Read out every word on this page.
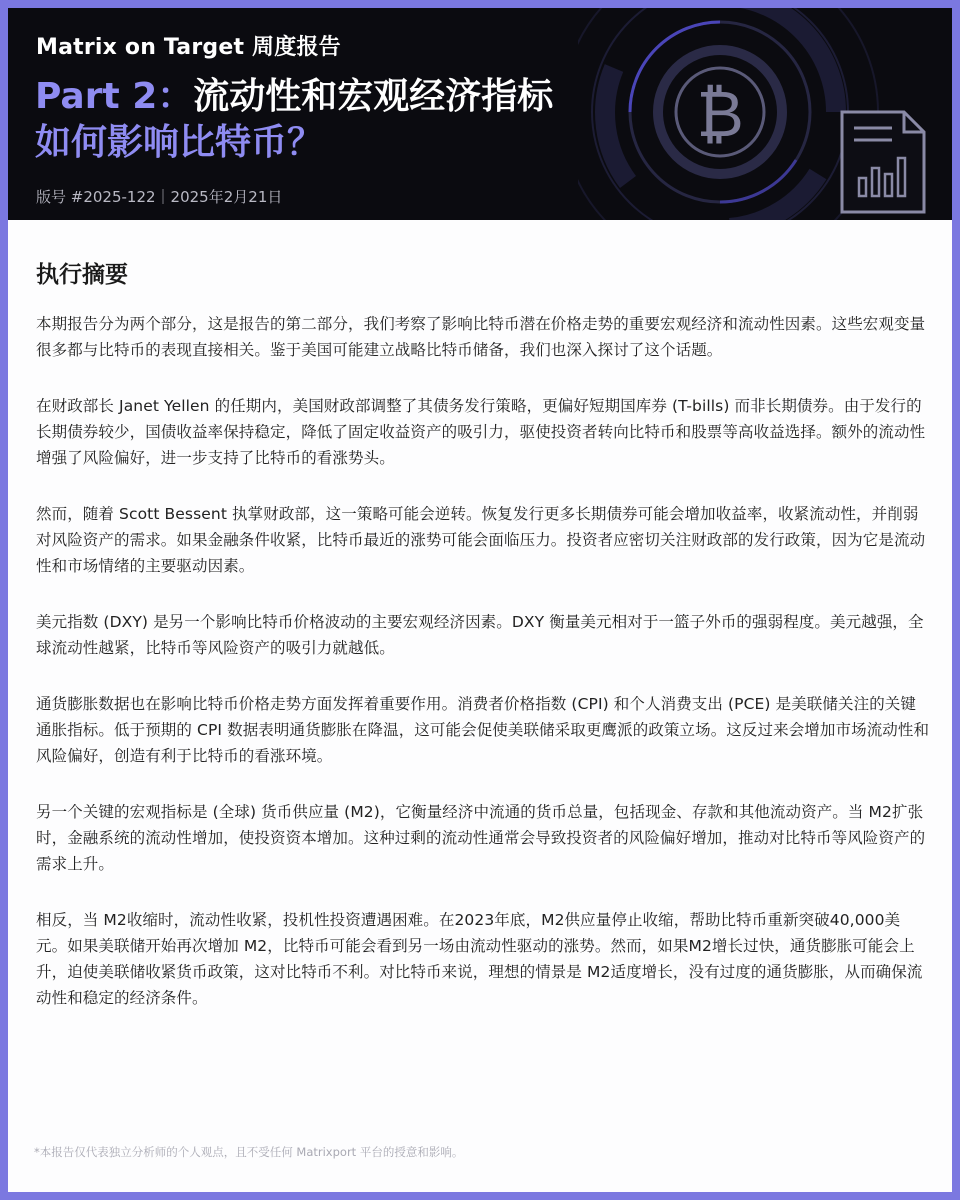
Matrix on Target 周度报告
Part 2：流动性和宏观经济指标
如何影响比特币？
版号 #2025-122｜2025年2月21日
₿
执行摘要

本期报告分为两个部分，这是报告的第二部分，我们考察了影响比特币潜在价格走势的重要宏观经济和流动性因素。这些宏观变量很多都与比特币的表现直接相关。鉴于美国可能建立战略比特币储备，我们也深入探讨了这个话题。

在财政部长 Janet Yellen 的任期内，美国财政部调整了其债务发行策略，更偏好短期国库券 (T-bills) 而非长期债券。由于发行的长期债券较少，国债收益率保持稳定，降低了固定收益资产的吸引力，驱使投资者转向比特币和股票等高收益选择。额外的流动性增强了风险偏好，进一步支持了比特币的看涨势头。

然而，随着 Scott Bessent 执掌财政部，这一策略可能会逆转。恢复发行更多长期债券可能会增加收益率，收紧流动性，并削弱对风险资产的需求。如果金融条件收紧，比特币最近的涨势可能会面临压力。投资者应密切关注财政部的发行政策，因为它是流动性和市场情绪的主要驱动因素。

美元指数 (DXY) 是另一个影响比特币价格波动的主要宏观经济因素。DXY 衡量美元相对于一篮子外币的强弱程度。美元越强，全球流动性越紧，比特币等风险资产的吸引力就越低。

通货膨胀数据也在影响比特币价格走势方面发挥着重要作用。消费者价格指数 (CPI) 和个人消费支出 (PCE) 是美联储关注的关键通胀指标。低于预期的 CPI 数据表明通货膨胀在降温，这可能会促使美联储采取更鹰派的政策立场。这反过来会增加市场流动性和风险偏好，创造有利于比特币的看涨环境。

另一个关键的宏观指标是 (全球) 货币供应量 (M2)，它衡量经济中流通的货币总量，包括现金、存款和其他流动资产。当 M2扩张时，金融系统的流动性增加，使投资资本增加。这种过剩的流动性通常会导致投资者的风险偏好增加，推动对比特币等风险资产的需求上升。

相反，当 M2收缩时，流动性收紧，投机性投资遭遇困难。在2023年底，M2供应量停止收缩，帮助比特币重新突破40,000美元。如果美联储开始再次增加 M2，比特币可能会看到另一场由流动性驱动的涨势。然而，如果M2增长过快，通货膨胀可能会上升，迫使美联储收紧货币政策，这对比特币不利。对比特币来说，理想的情景是 M2适度增长，没有过度的通货膨胀，从而确保流动性和稳定的经济条件。

*本报告仅代表独立分析师的个人观点，且不受任何 Matrixport 平台的授意和影响。
